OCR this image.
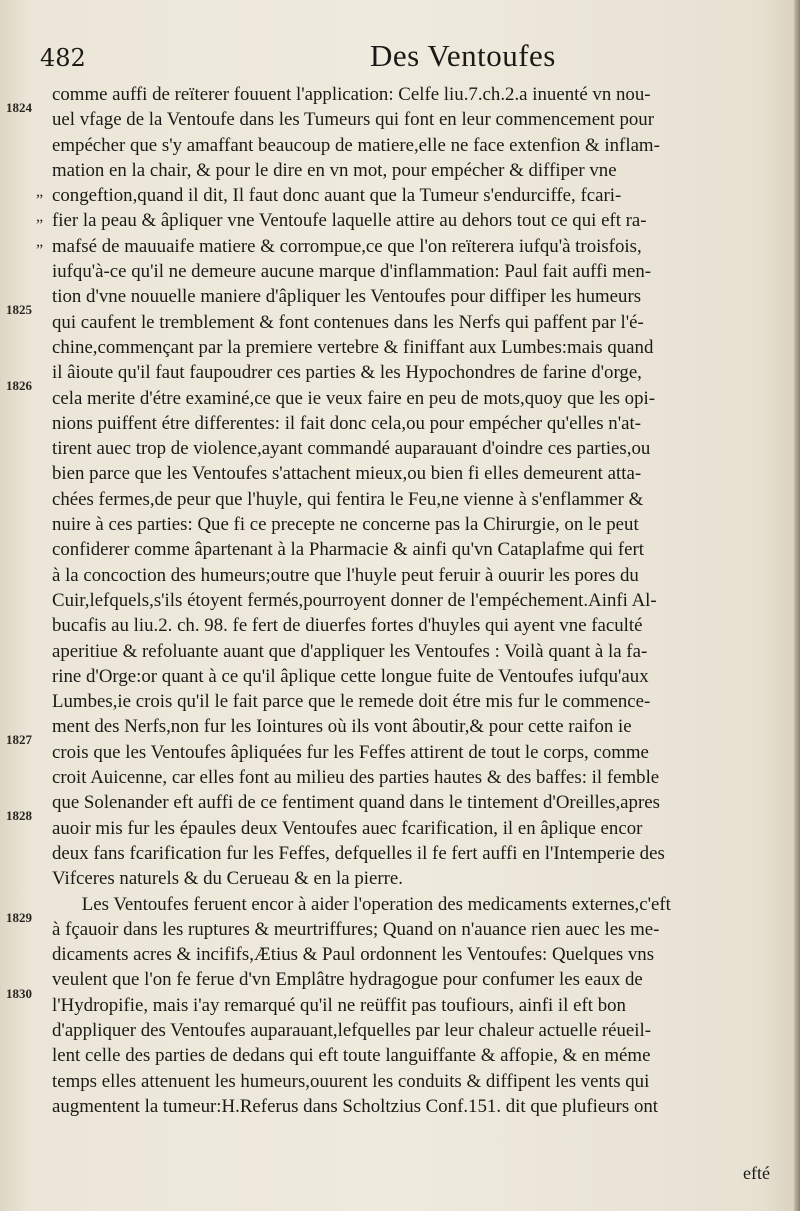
482	Des Ventoufes
1824
1825
1826
1827
1828
1829
1830
„
„
„
comme auffi de reïterer fouuent l'application: Celfe liu.7.ch.2.a inuenté vn nou-
uel vfage de la Ventoufe dans les Tumeurs qui font en leur commencement pour
empécher que s'y amaffant beaucoup de matiere,elle ne face extenfion & inflam-
mation en la chair, & pour le dire en vn mot, pour empécher & diffiper vne
congeftion,quand il dit, Il faut donc auant que la Tumeur s'endurciffe, fcari-
fier la peau & âpliquer vne Ventoufe laquelle attire au dehors tout ce qui eft ra-
mafsé de mauuaife matiere & corrompue,ce que l'on reïterera iufqu'à troisfois,
iufqu'à-ce qu'il ne demeure aucune marque d'inflammation: Paul fait auffi men-
tion d'vne nouuelle maniere d'âpliquer les Ventoufes pour diffiper les humeurs
qui caufent le tremblement & font contenues dans les Nerfs qui paffent par l'é-
chine,commençant par la premiere vertebre & finiffant aux Lumbes:mais quand
il âioute qu'il faut faupoudrer ces parties & les Hypochondres de farine d'orge,
cela merite d'étre examiné,ce que ie veux faire en peu de mots,quoy que les opi-
nions puiffent étre differentes: il fait donc cela,ou pour empécher qu'elles n'at-
tirent auec trop de violence,ayant commandé auparauant d'oindre ces parties,ou
bien parce que les Ventoufes s'attachent mieux,ou bien fi elles demeurent atta-
chées fermes,de peur que l'huyle, qui fentira le Feu,ne vienne à s'enflammer &
nuire à ces parties: Que fi ce precepte ne concerne pas la Chirurgie, on le peut
confiderer comme âpartenant à la Pharmacie & ainfi qu'vn Cataplafme qui fert
à la concoction des humeurs;outre que l'huyle peut feruir à ouurir les pores du
Cuir,lefquels,s'ils étoyent fermés,pourroyent donner de l'empéchement.Ainfi Al-
bucafis au liu.2. ch. 98. fe fert de diuerfes fortes d'huyles qui ayent vne faculté
aperitiue & refoluante auant que d'appliquer les Ventoufes : Voilà quant à la fa-
rine d'Orge:or quant à ce qu'il âplique cette longue fuite de Ventoufes iufqu'aux
Lumbes,ie crois qu'il le fait parce que le remede doit étre mis fur le commence-
ment des Nerfs,non fur les Iointures où ils vont âboutir,& pour cette raifon ie
crois que les Ventoufes âpliquées fur les Feffes attirent de tout le corps, comme
croit Auicenne, car elles font au milieu des parties hautes & des baffes: il femble
que Solenander eft auffi de ce fentiment quand dans le tintement d'Oreilles,apres
auoir mis fur les épaules deux Ventoufes auec fcarification, il en âplique encor
deux fans fcarification fur les Feffes, defquelles il fe fert auffi en l'Intemperie des
Vifceres naturels & du Cerueau & en la pierre.
Les Ventoufes feruent encor à aider l'operation des medicaments externes,c'eft
à fçauoir dans les ruptures & meurtriffures; Quand on n'auance rien auec les me-
dicaments acres & incififs,Ætius & Paul ordonnent les Ventoufes: Quelques vns
veulent que l'on fe ferue d'vn Emplâtre hydragogue pour confumer les eaux de
l'Hydropifie, mais i'ay remarqué qu'il ne reüffit pas toufiours, ainfi il eft bon
d'appliquer des Ventoufes auparauant,lefquelles par leur chaleur actuelle réueil-
lent celle des parties de dedans qui eft toute languiffante & affopie, & en méme
temps elles attenuent les humeurs,ouurent les conduits & diffipent les vents qui
augmentent la tumeur:H.Referus dans Scholtzius Conf.151. dit que plufieurs ont
efté
